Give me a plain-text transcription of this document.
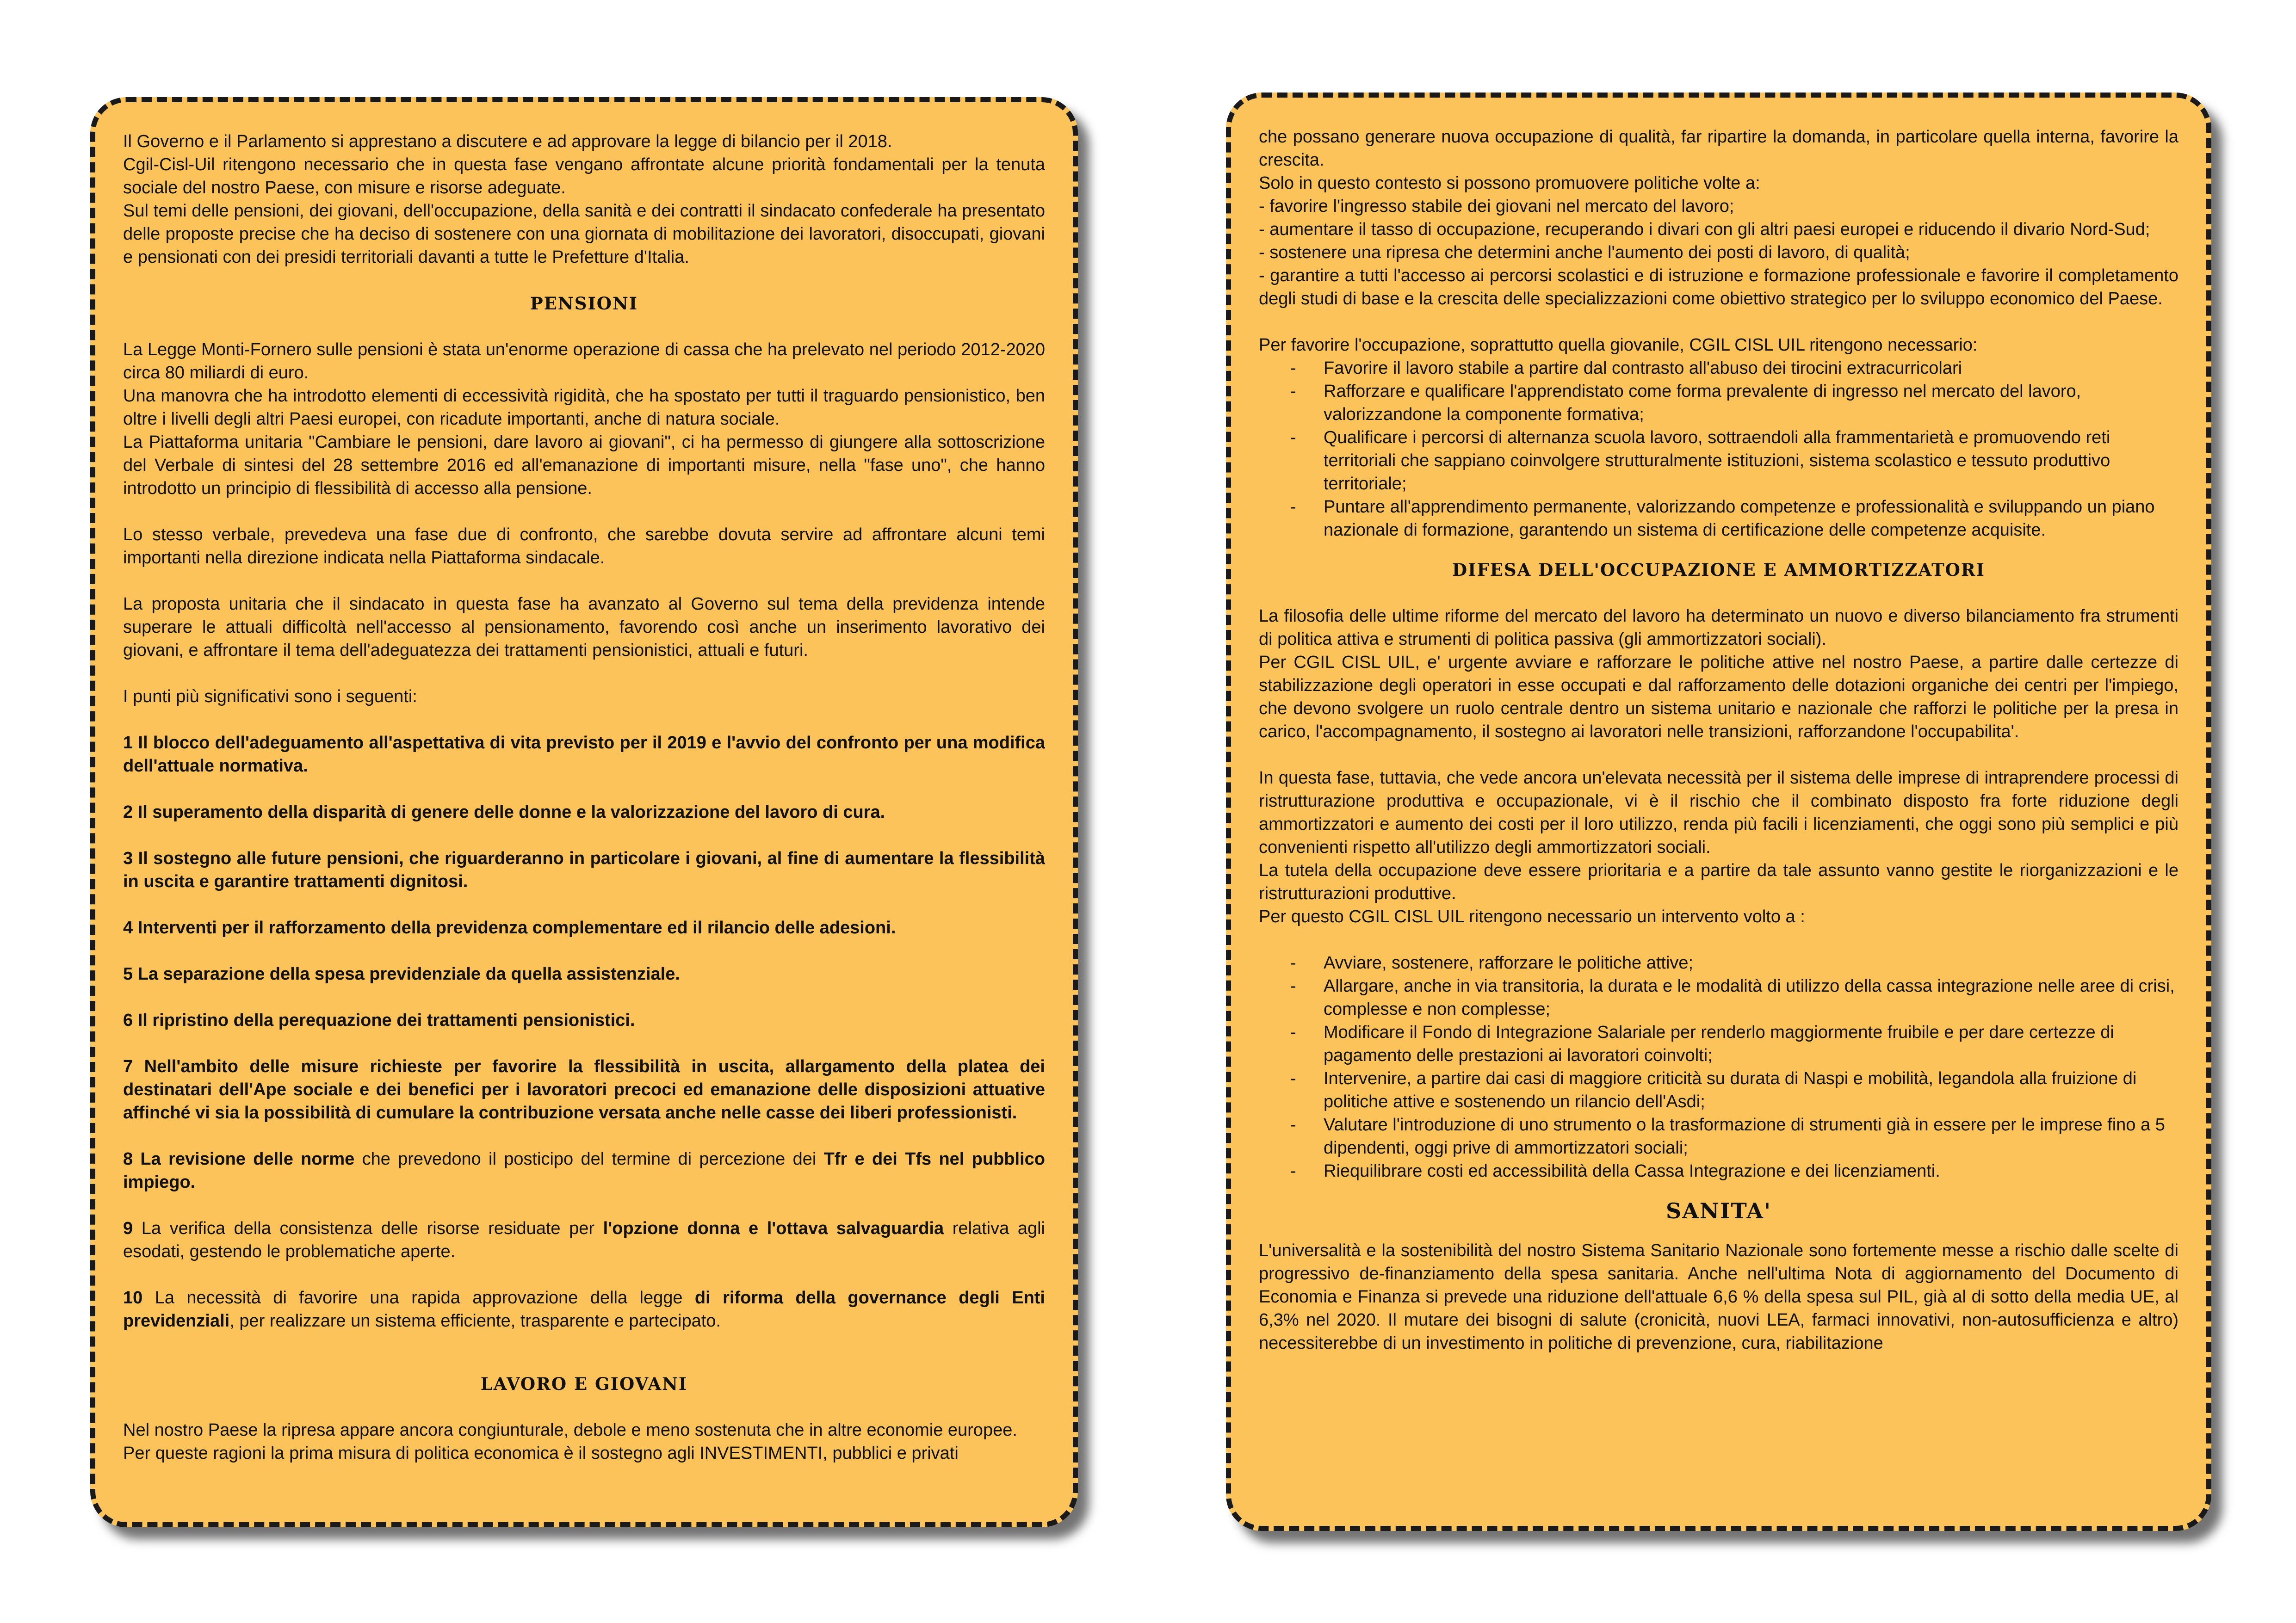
Il Governo e il Parlamento si apprestano a discutere e ad approvare la legge di bilancio per il 2018.
Cgil-Cisl-Uil ritengono necessario che in questa fase vengano affrontate alcune priorità fondamentali per la tenuta sociale del nostro Paese, con misure e risorse adeguate.
Sul temi delle pensioni, dei giovani, dell'occupazione, della sanità e dei contratti il sindacato confederale ha presentato delle proposte precise che ha deciso di sostenere con una giornata di mobilitazione dei lavoratori, disoccupati, giovani e pensionati con dei presidi territoriali davanti a tutte le Prefetture d'Italia.

PENSIONI

La Legge Monti-Fornero sulle pensioni è stata un'enorme operazione di cassa che ha prelevato nel periodo 2012-2020 circa 80 miliardi di euro.
Una manovra che ha introdotto elementi di eccessività rigidità, che ha spostato per tutti il traguardo pensionistico, ben oltre i livelli degli altri Paesi europei, con ricadute importanti, anche di natura sociale.
La Piattaforma unitaria "Cambiare le pensioni, dare lavoro ai giovani", ci ha permesso di giungere alla sottoscrizione del Verbale di sintesi del 28 settembre 2016 ed all'emanazione di importanti misure, nella "fase uno", che hanno introdotto un principio di flessibilità di accesso alla pensione.

Lo stesso verbale, prevedeva una fase due di confronto, che sarebbe dovuta servire ad affrontare alcuni temi importanti nella direzione indicata nella Piattaforma sindacale.

La proposta unitaria che il sindacato in questa fase ha avanzato al Governo sul tema della previdenza intende superare le attuali difficoltà nell'accesso al pensionamento, favorendo così anche un inserimento lavorativo dei giovani, e affrontare il tema dell'adeguatezza dei trattamenti pensionistici, attuali e futuri.

I punti più significativi sono i seguenti:

1 Il blocco dell'adeguamento all'aspettativa di vita previsto per il 2019 e l'avvio del confronto per una modifica dell'attuale normativa.

2 Il superamento della disparità di genere delle donne e la valorizzazione del lavoro di cura.

3 Il sostegno alle future pensioni, che riguarderanno in particolare i giovani, al fine di aumentare la flessibilità in uscita e garantire trattamenti dignitosi.

4 Interventi per il rafforzamento della previdenza complementare ed il rilancio delle adesioni.

5 La separazione della spesa previdenziale da quella assistenziale.

6 Il ripristino della perequazione dei trattamenti pensionistici.

7 Nell'ambito delle misure richieste per favorire la flessibilità in uscita, allargamento della platea dei destinatari dell'Ape sociale e dei benefici per i lavoratori precoci ed emanazione delle disposizioni attuative affinché vi sia la possibilità di cumulare la contribuzione versata anche nelle casse dei liberi professionisti.

8 La revisione delle norme che prevedono il posticipo del termine di percezione dei Tfr e dei Tfs nel pubblico impiego.

9 La verifica della consistenza delle risorse residuate per l'opzione donna e l'ottava salvaguardia relativa agli esodati, gestendo le problematiche aperte.

10 La necessità di favorire una rapida approvazione della legge di riforma della governance degli Enti previdenziali, per realizzare un sistema efficiente, trasparente e partecipato.

LAVORO E GIOVANI

Nel nostro Paese la ripresa appare ancora congiunturale, debole e meno sostenuta che in altre economie europee.
Per queste ragioni la prima misura di politica economica è il sostegno agli INVESTIMENTI, pubblici e privati

che possano generare nuova occupazione di qualità, far ripartire la domanda, in particolare quella interna, favorire la crescita.
Solo in questo contesto si possono promuovere politiche volte a:
- favorire l'ingresso stabile dei giovani nel mercato del lavoro;
- aumentare il tasso di occupazione, recuperando i divari con gli altri paesi europei e riducendo il divario Nord-Sud;
- sostenere una ripresa che determini anche l'aumento dei posti di lavoro, di qualità;
- garantire a tutti l'accesso ai percorsi scolastici e di istruzione e formazione professionale e favorire il completamento degli studi di base e la crescita delle specializzazioni come obiettivo strategico per lo sviluppo economico del Paese.

Per favorire l'occupazione, soprattutto quella giovanile, CGIL CISL UIL ritengono necessario:

- Favorire il lavoro stabile a partire dal contrasto all'abuso dei tirocini extracurricolari
- Rafforzare e qualificare l'apprendistato come forma prevalente di ingresso nel mercato del lavoro, valorizzandone la componente formativa;
- Qualificare i percorsi di alternanza scuola lavoro, sottraendoli alla frammentarietà e promuovendo reti territoriali che sappiano coinvolgere strutturalmente istituzioni, sistema scolastico e tessuto produttivo territoriale;
- Puntare all'apprendimento permanente, valorizzando competenze e professionalità e sviluppando un piano nazionale di formazione, garantendo un sistema di certificazione delle competenze acquisite.

DIFESA DELL'OCCUPAZIONE E AMMORTIZZATORI

La filosofia delle ultime riforme del mercato del lavoro ha determinato un nuovo e diverso bilanciamento fra strumenti di politica attiva e strumenti di politica passiva (gli ammortizzatori sociali).
Per CGIL CISL UIL, e' urgente avviare e rafforzare le politiche attive nel nostro Paese, a partire dalle certezze di stabilizzazione degli operatori in esse occupati e dal rafforzamento delle dotazioni organiche dei centri per l'impiego, che devono svolgere un ruolo centrale dentro un sistema unitario e nazionale che rafforzi le politiche per la presa in carico, l'accompagnamento, il sostegno ai lavoratori nelle transizioni, rafforzandone l'occupabilita'.

In questa fase, tuttavia, che vede ancora un'elevata necessità per il sistema delle imprese di intraprendere processi di ristrutturazione produttiva e occupazionale, vi è il rischio che il combinato disposto fra forte riduzione degli ammortizzatori e aumento dei costi per il loro utilizzo, renda più facili i licenziamenti, che oggi sono più semplici e più convenienti rispetto all'utilizzo degli ammortizzatori sociali.
La tutela della occupazione deve essere prioritaria e a partire da tale assunto vanno gestite le riorganizzazioni e le ristrutturazioni produttive.
Per questo CGIL CISL UIL ritengono necessario un intervento volto a :

- Avviare, sostenere, rafforzare le politiche attive;
- Allargare, anche in via transitoria, la durata e le modalità di utilizzo della cassa integrazione nelle aree di crisi, complesse e non complesse;
- Modificare il Fondo di Integrazione Salariale per renderlo maggiormente fruibile e per dare certezze di pagamento delle prestazioni ai lavoratori coinvolti;
- Intervenire, a partire dai casi di maggiore criticità su durata di Naspi e mobilità, legandola alla fruizione di politiche attive e sostenendo un rilancio dell'Asdi;
- Valutare l'introduzione di uno strumento o la trasformazione di strumenti già in essere per le imprese fino a 5 dipendenti, oggi prive di ammortizzatori sociali;
- Riequilibrare costi ed accessibilità della Cassa Integrazione e dei licenziamenti.

SANITA'

L'universalità e la sostenibilità del nostro Sistema Sanitario Nazionale sono fortemente messe a rischio dalle scelte di progressivo de-finanziamento della spesa sanitaria. Anche nell'ultima Nota di aggiornamento del Documento di Economia e Finanza si prevede una riduzione dell'attuale 6,6 % della spesa sul PIL, già al di sotto della media UE, al 6,3% nel 2020. Il mutare dei bisogni di salute (cronicità, nuovi LEA, farmaci innovativi, non-autosufficienza e altro) necessiterebbe di un investimento in politiche di prevenzione, cura, riabilitazione
